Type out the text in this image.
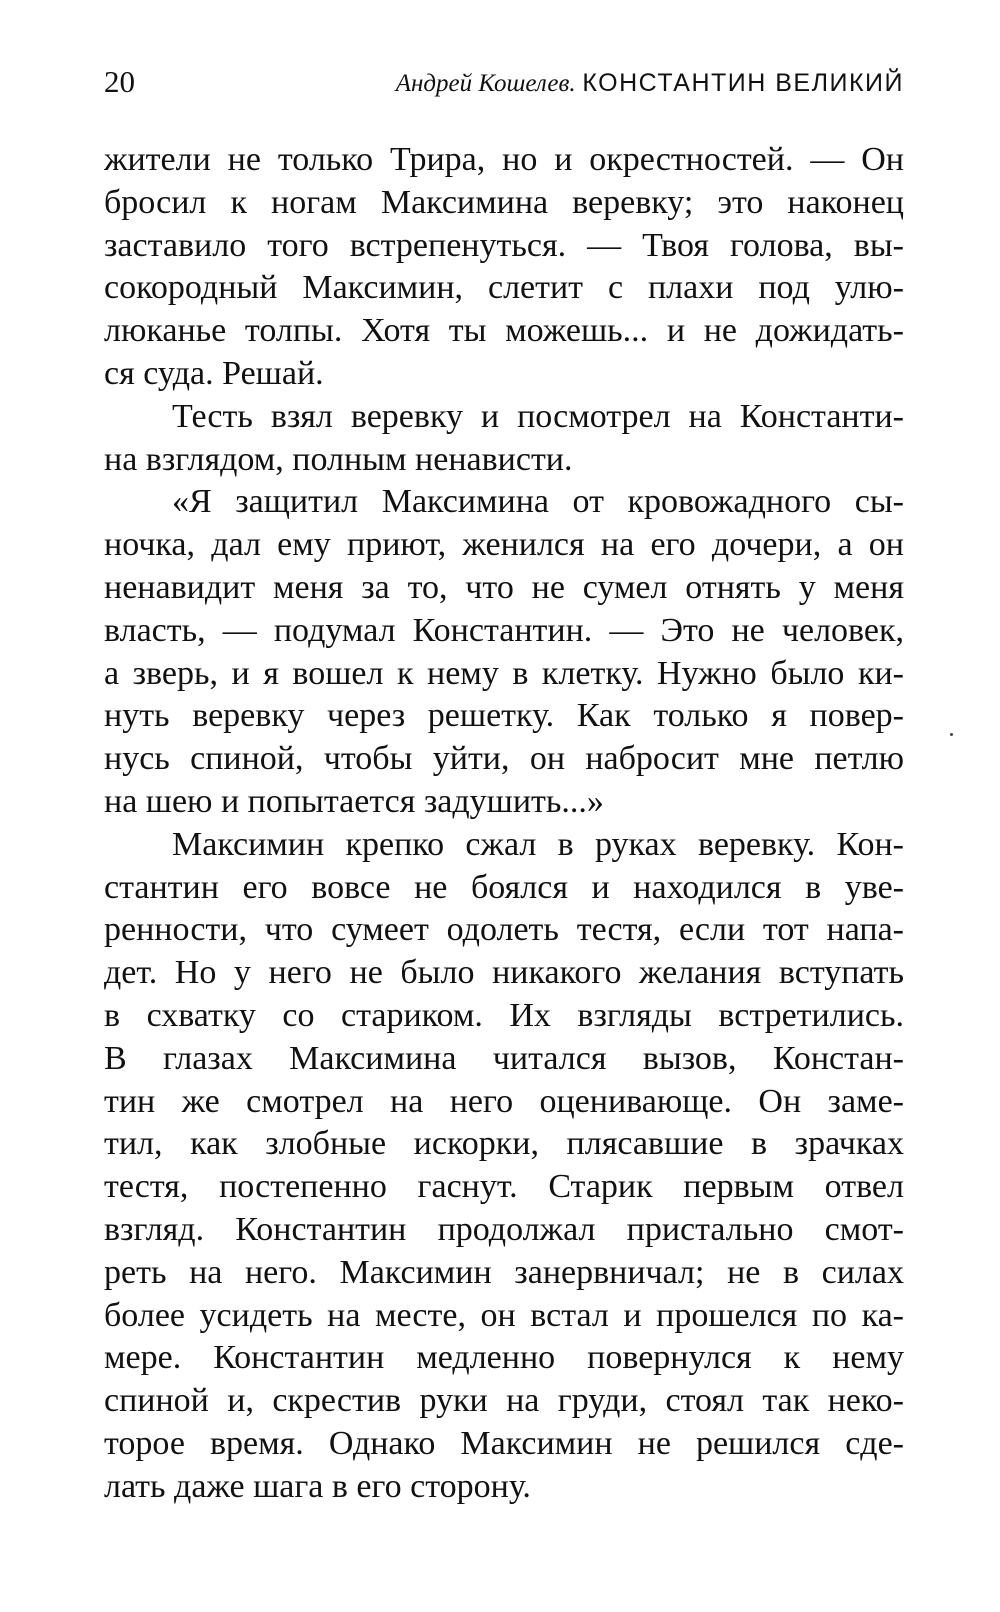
20	Андрей Кошелев. КОНСТАНТИН ВЕЛИКИЙ
жители не только Трира, но и окрестностей. — Он
бросил к ногам Максимина веревку; это наконец
заставило того встрепенуться. — Твоя голова, вы-
сокородный Максимин, слетит с плахи под улю-
люканье толпы. Хотя ты можешь... и не дожидать-
ся суда. Решай.
Тесть взял веревку и посмотрел на Константи-
на взглядом, полным ненависти.
«Я защитил Максимина от кровожадного сы-
ночка, дал ему приют, женился на его дочери, а он
ненавидит меня за то, что не сумел отнять у меня
власть, — подумал Константин. — Это не человек,
а зверь, и я вошел к нему в клетку. Нужно было ки-
нуть веревку через решетку. Как только я повер-
нусь спиной, чтобы уйти, он набросит мне петлю
на шею и попытается задушить...»
Максимин крепко сжал в руках веревку. Кон-
стантин его вовсе не боялся и находился в уве-
ренности, что сумеет одолеть тестя, если тот напа-
дет. Но у него не было никакого желания вступать
в схватку со стариком. Их взгляды встретились.
В глазах Максимина читался вызов, Констан-
тин же смотрел на него оценивающе. Он заме-
тил, как злобные искорки, плясавшие в зрачках
тестя, постепенно гаснут. Старик первым отвел
взгляд. Константин продолжал пристально смот-
реть на него. Максимин занервничал; не в силах
более усидеть на месте, он встал и прошелся по ка-
мере. Константин медленно повернулся к нему
спиной и, скрестив руки на груди, стоял так неко-
торое время. Однако Максимин не решился сде-
лать даже шага в его сторону.
